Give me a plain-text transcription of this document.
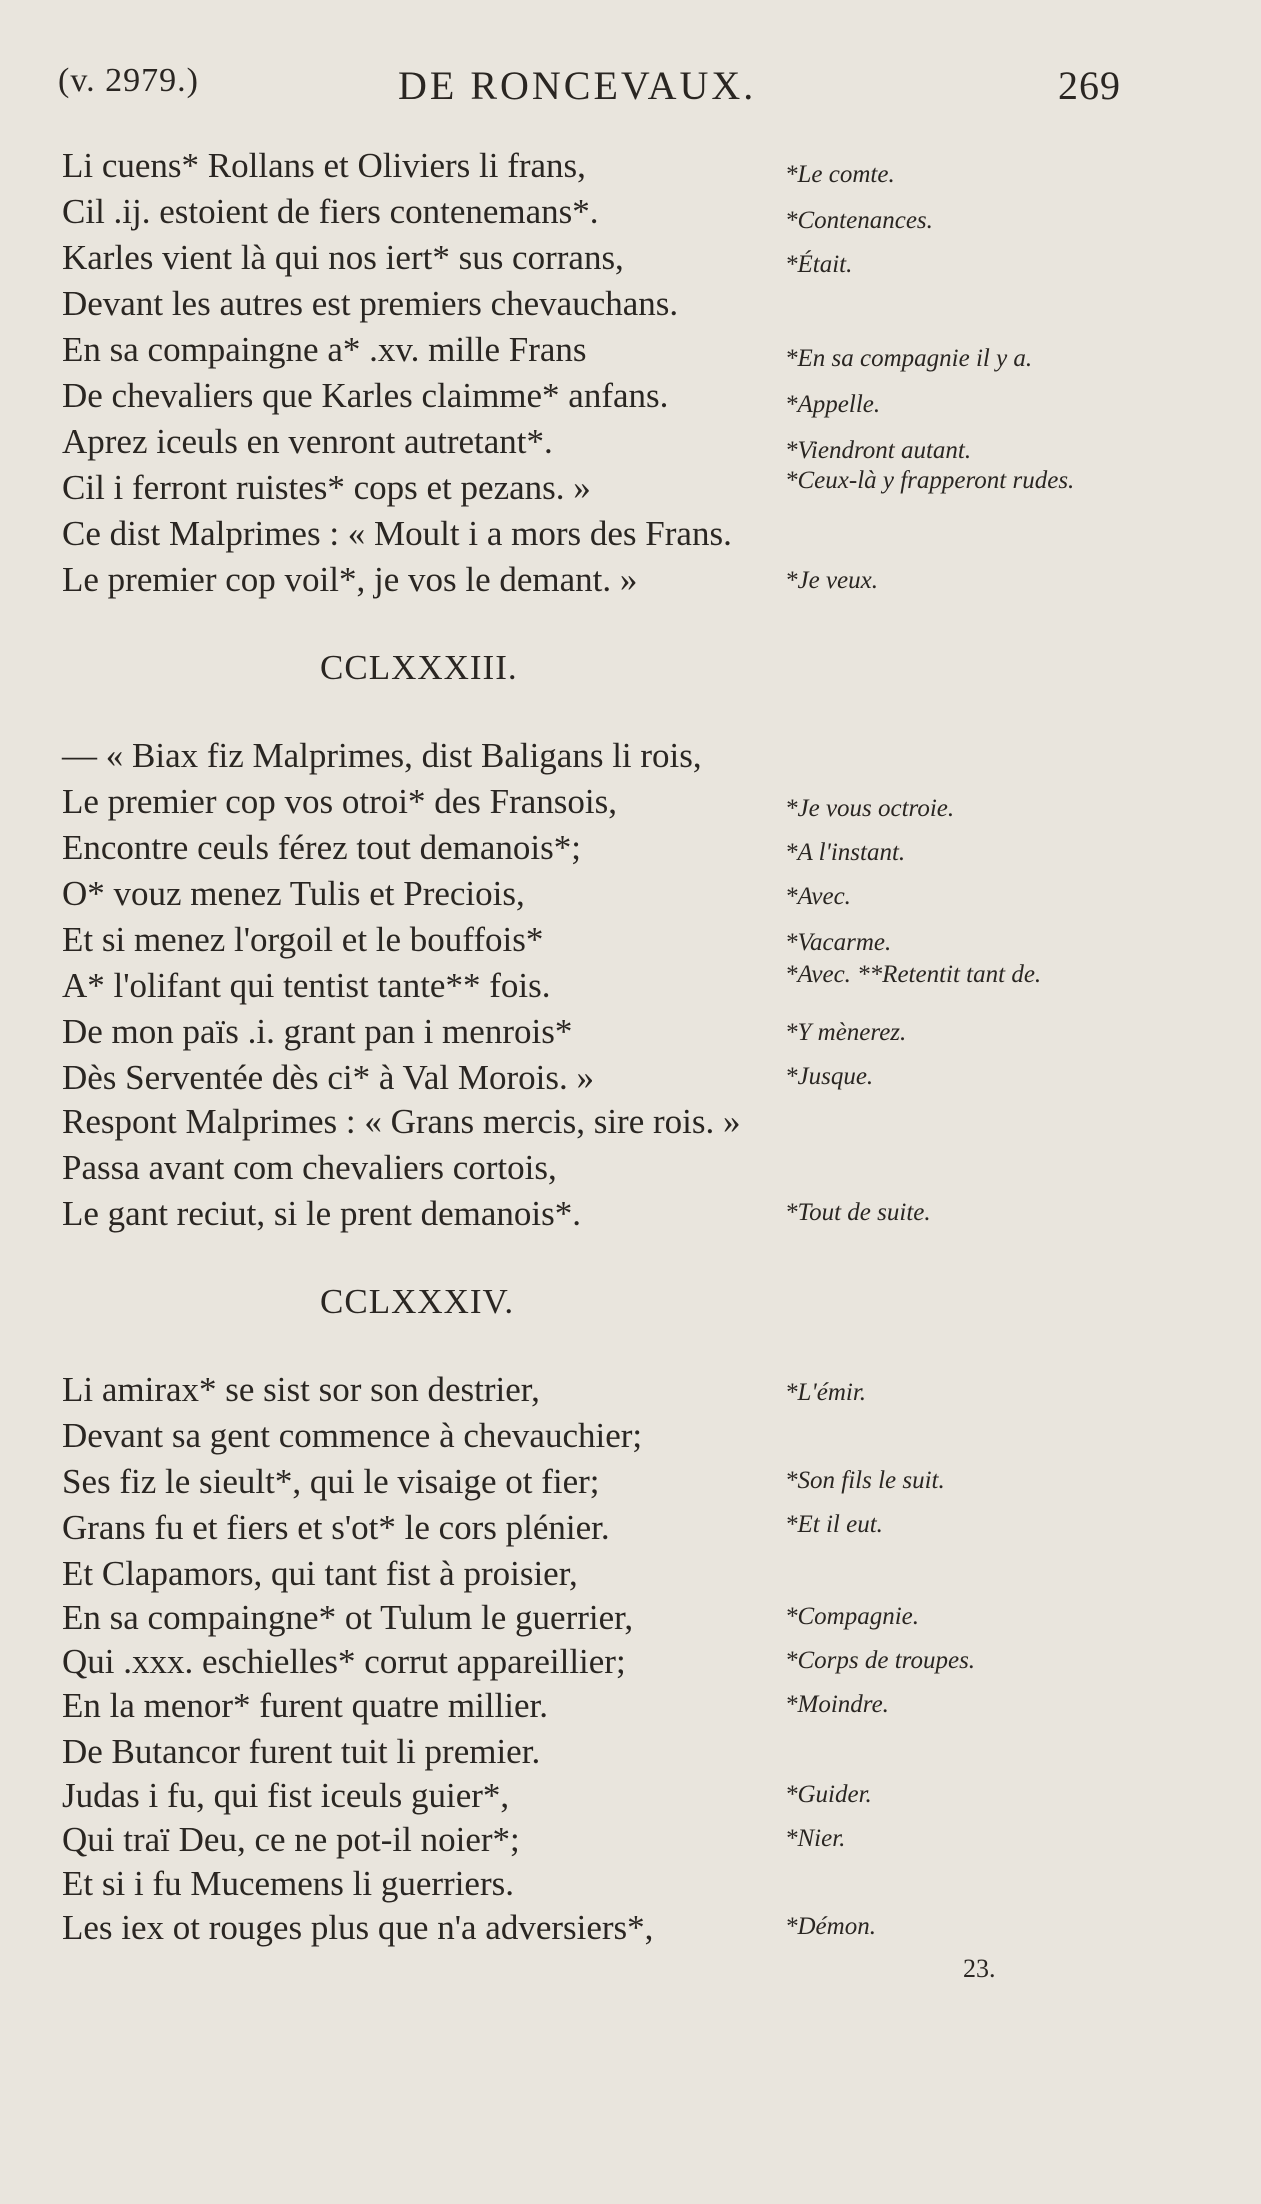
(v. 2979.)	DE RONCEVAUX.	269
Li cuens* Rollans et Oliviers li frans,	*Le comte.
Cil .ij. estoient de fiers contenemans*.	*Contenances.
Karles vient là qui nos iert* sus corrans,	*Était.
Devant les autres est premiers chevauchans.
En sa compaingne a* .xv. mille Frans	*En sa compagnie il y a.
De chevaliers que Karles claimme* anfans.	*Appelle.
Aprez iceuls en venront autretant*.	*Viendront autant.
Cil i ferront ruistes* cops et pezans. »	*Ceux-là y frapperont rudes.
Ce dist Malprimes : « Moult i a mors des Frans.
Le premier cop voil*, je vos le demant. »	*Je veux.
CCLXXXIII.
— « Biax fiz Malprimes, dist Baligans li rois,
Le premier cop vos otroi* des Fransois,	*Je vous octroie.
Encontre ceuls férez tout demanois*;	*A l'instant.
O* vouz menez Tulis et Preciois,	*Avec.
Et si menez l'orgoil et le bouffois*	*Vacarme.
A* l'olifant qui tentist tante** fois.	*Avec. **Retentit tant de.
De mon païs .i. grant pan i menrois*	*Y mènerez.
Dès Serventée dès ci* à Val Morois. »	*Jusque.
Respont Malprimes : « Grans mercis, sire rois. »
Passa avant com chevaliers cortois,
Le gant reciut, si le prent demanois*.	*Tout de suite.
CCLXXXIV.
Li amirax* se sist sor son destrier,	*L'émir.
Devant sa gent commence à chevauchier;
Ses fiz le sieult*, qui le visaige ot fier;	*Son fils le suit.
Grans fu et fiers et s'ot* le cors plénier.	*Et il eut.
Et Clapamors, qui tant fist à proisier,
En sa compaingne* ot Tulum le guerrier,	*Compagnie.
Qui .xxx. eschielles* corrut appareillier;	*Corps de troupes.
En la menor* furent quatre millier.	*Moindre.
De Butancor furent tuit li premier.
Judas i fu, qui fist iceuls guier*,	*Guider.
Qui traï Deu, ce ne pot-il noier*;	*Nier.
Et si i fu Mucemens li guerriers.
Les iex ot rouges plus que n'a adversiers*,	*Démon.
23.
